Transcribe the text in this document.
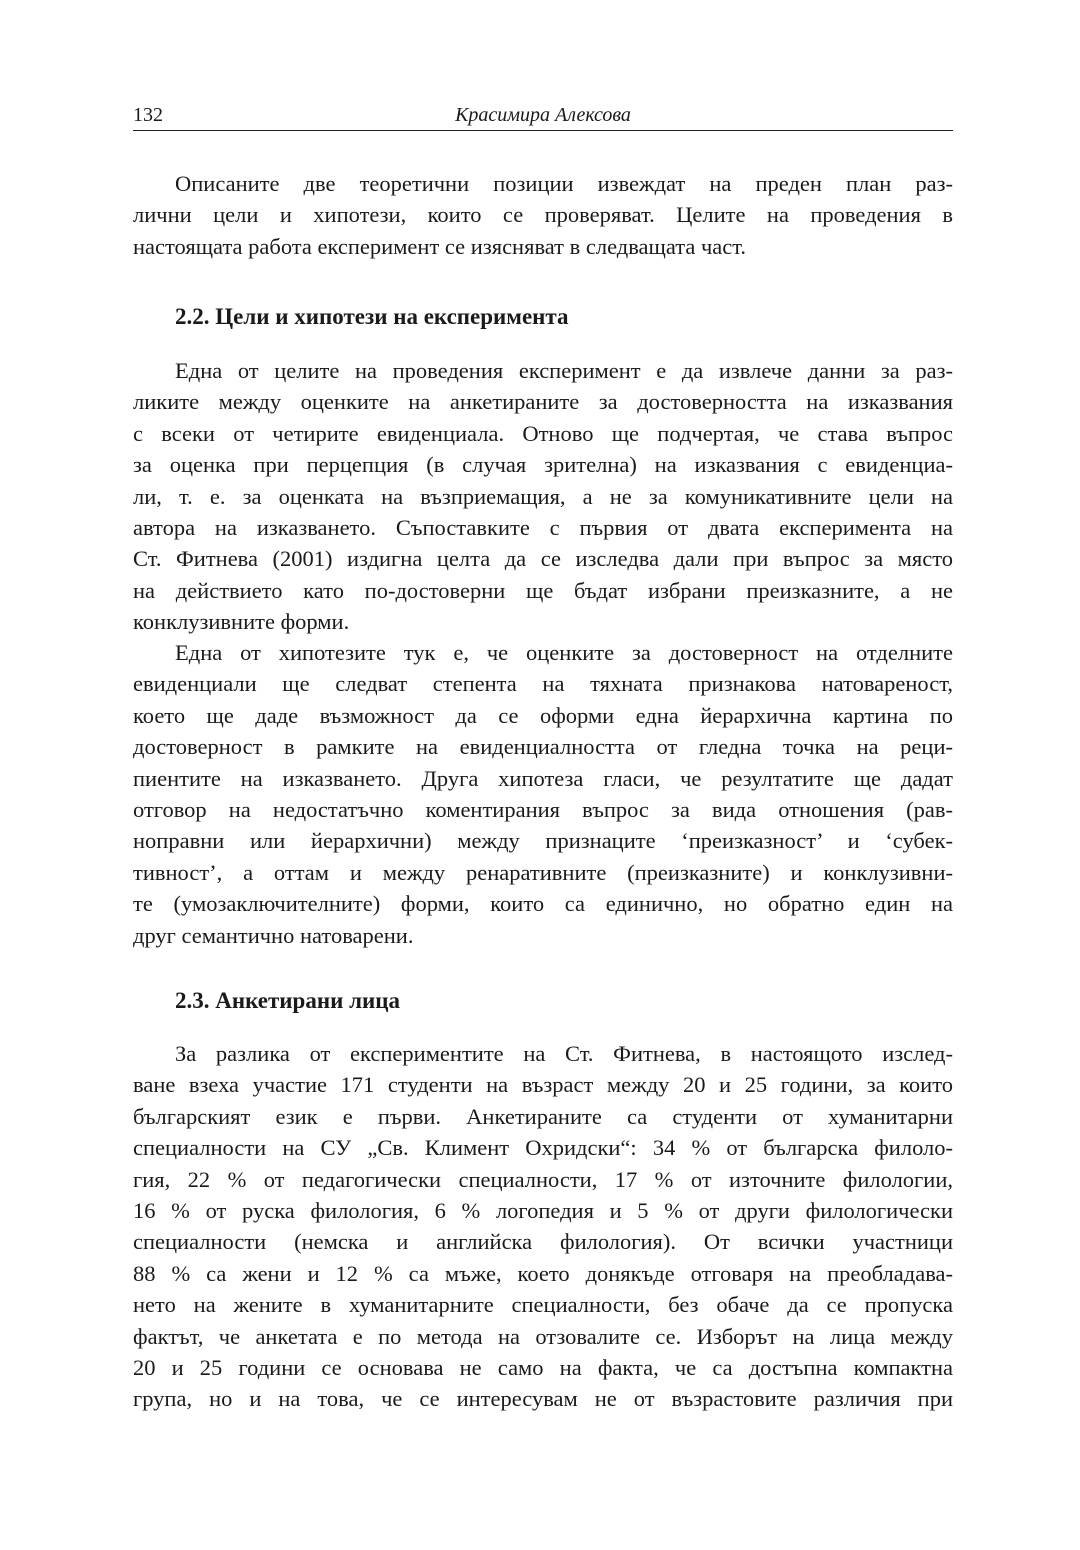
132	Красимира Алексова
Описаните две теоретични позиции извеждат на преден план раз-
лични цели и хипотези, които се проверяват. Целите на проведения в
настоящата работа експеримент се изясняват в следващата част.
2.2. Цели и хипотези на експеримента
Една от целите на проведения експеримент е да извлече данни за раз-
ликите между оценките на анкетираните за достоверността на изказвания
с всеки от четирите евиденциала. Отново ще подчертая, че става въпрос
за оценка при перцепция (в случая зрителна) на изказвания с евиденциа-
ли, т. е. за оценката на възприемащия, а не за комуникативните цели на
автора на изказването. Съпоставките с първия от двата експеримента на
Ст. Фитнева (2001) издигна целта да се изследва дали при въпрос за място
на действието като по-достоверни ще бъдат избрани преизказните, а не
конклузивните форми.
Една от хипотезите тук е, че оценките за достоверност на отделните
евиденциали ще следват степента на тяхната признакова натовареност,
което ще даде възможност да се оформи една йерархична картина по
достоверност в рамките на евиденциалността от гледна точка на реци-
пиентите на изказването. Друга хипотеза гласи, че резултатите ще дадат
отговор на недостатъчно коментирания въпрос за вида отношения (рав-
ноправни или йерархични) между признаците ‘преизказност’ и ‘субек-
тивност’, а оттам и между ренаративните (преизказните) и конклузивни-
те (умозаключителните) форми, които са единично, но обратно един на
друг семантично натоварени.
2.3. Анкетирани лица
За разлика от експериментите на Ст. Фитнева, в настоящото изслед-
ване взеха участие 171 студенти на възраст между 20 и 25 години, за които
българският език е първи. Анкетираните са студенти от хуманитарни
специалности на СУ „Св. Климент Охридски“: 34 % от българска филоло-
гия, 22 % от педагогически специалности, 17 % от източните филологии,
16 % от руска филология, 6 % логопедия и 5 % от други филологически
специалности (немска и английска филология). От всички участници
88 % са жени и 12 % са мъже, което донякъде отговаря на преобладава-
нето на жените в хуманитарните специалности, без обаче да се пропуска
фактът, че анкетата е по метода на отзовалите се. Изборът на лица между
20 и 25 години се основава не само на факта, че са достъпна компактна
група, но и на това, че се интересувам не от възрастовите различия при
